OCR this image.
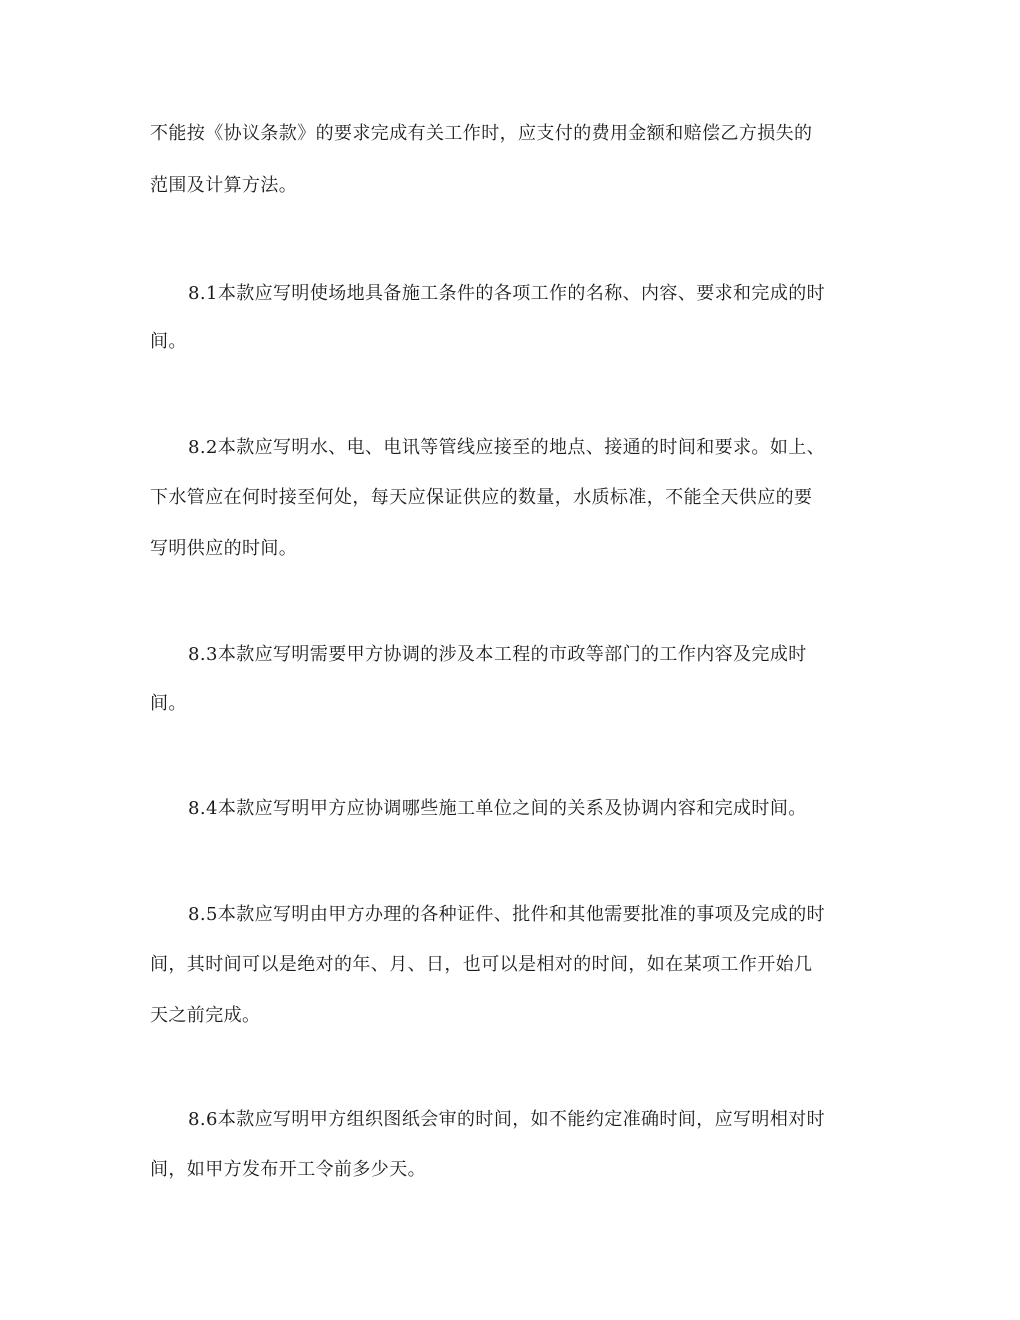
不能按《协议条款》的要求完成有关工作时，应支付的费用金额和赔偿乙方损失的
范围及计算方法。
8.1本款应写明使场地具备施工条件的各项工作的名称、内容、要求和完成的时
间。
8.2本款应写明水、电、电讯等管线应接至的地点、接通的时间和要求。如上、
下水管应在何时接至何处，每天应保证供应的数量，水质标准，不能全天供应的要
写明供应的时间。
8.3本款应写明需要甲方协调的涉及本工程的市政等部门的工作内容及完成时
间。
8.4本款应写明甲方应协调哪些施工单位之间的关系及协调内容和完成时间。
8.5本款应写明由甲方办理的各种证件、批件和其他需要批准的事项及完成的时
间，其时间可以是绝对的年、月、日，也可以是相对的时间，如在某项工作开始几
天之前完成。
8.6本款应写明甲方组织图纸会审的时间，如不能约定准确时间，应写明相对时
间，如甲方发布开工令前多少天。
